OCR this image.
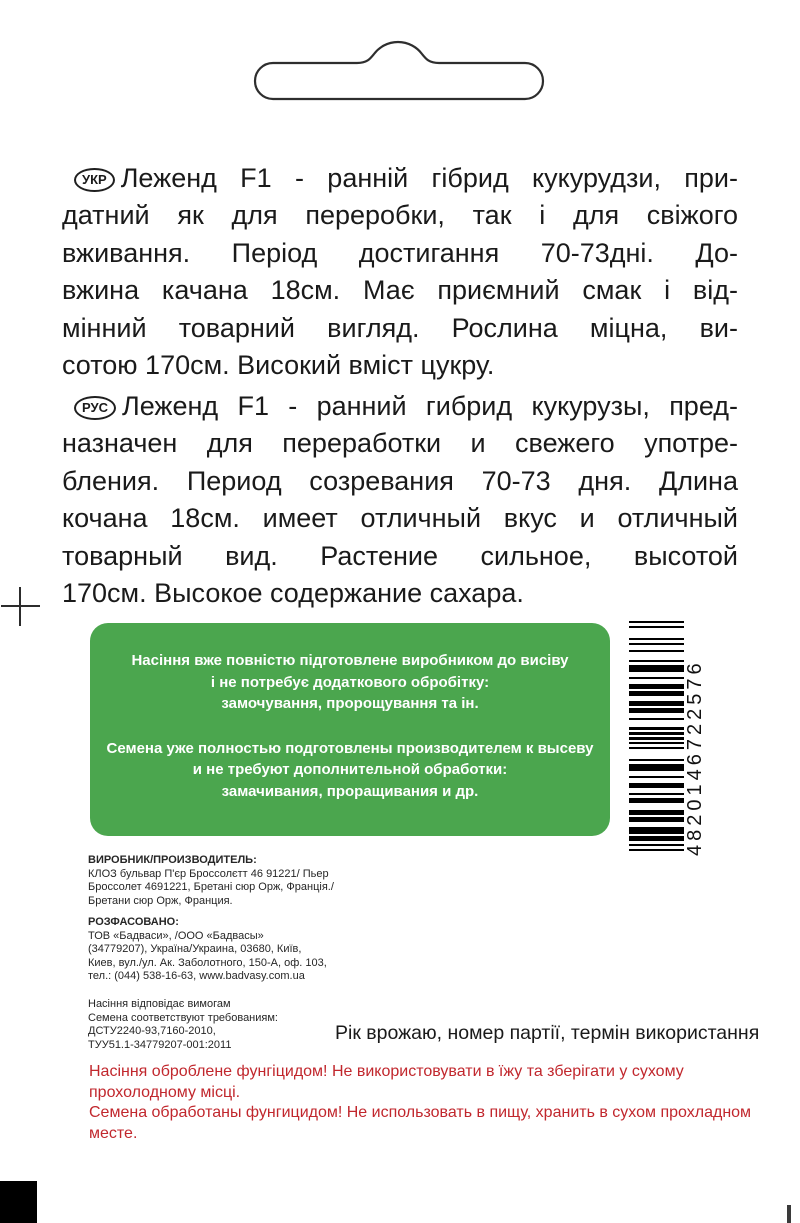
УКР Леженд F1 - ранній гібрид кукурудзи, при-
датний як для переробки, так і для свіжого
вживання. Період достигання 70-73дні. До-
вжина качана 18см. Має приємний смак і від-
мінний товарний вигляд. Рослина міцна, ви-
сотою 170см. Високий вміст цукру.
РУС Леженд F1 - ранний гибрид кукурузы, пред-
назначен для переработки и свежего употре-
бления. Период созревания 70-73 дня. Длина
кочана 18см. имеет отличный вкус и отличный
товарный вид. Растение сильное, высотой
170см. Высокое содержание сахара.
Насіння вже повністю підготовлене виробником до висіву
і не потребує додаткового обробітку:
замочування, пророщування та ін.
Семена уже полностью подготовлены производителем к высеву
и не требуют дополнительной обработки:
замачивания, проращивания и др.	4820146722576
ВИРОБНИК/ПРОИЗВОДИТЕЛЬ:
КЛОЗ бульвар П'єр Броссолєтт 46 91221/ Пьер
Броссолет 4691221, Бретані сюр Орж, Франція./
Бретани сюр Орж, Франция.
РОЗФАСОВАНО:
ТОВ «Бадваси», /ООО «Бадвасы»
(34779207), Україна/Украина, 03680, Київ,
Киев, вул./ул. Ак. Заболотного, 150-А, оф. 103,
тел.: (044) 538-16-63, www.badvasy.com.ua
Насіння відповідає вимогам
Семена соответствуют требованиям:
ДСТУ2240-93,7160-2010,
ТУУ51.1-34779207-001:2011
Рік врожаю, номер партії, термін використання
Насіння оброблене фунгіцидом! Не використовувати в їжу та зберігати у сухому прохолодному місці.
Семена обработаны фунгицидом! Не использовать в пищу, хранить в сухом прохладном месте.
